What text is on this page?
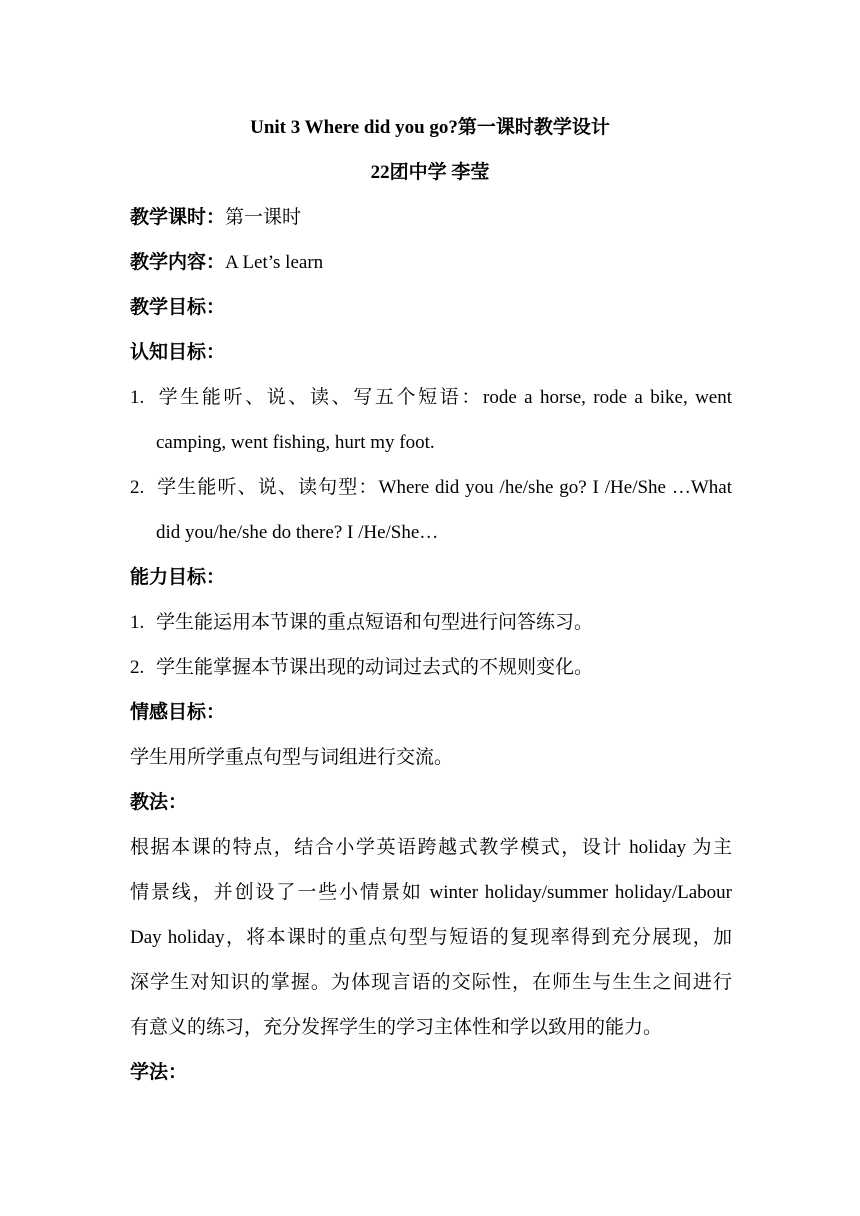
Unit 3 Where did you go?第一课时教学设计
22团中学 李莹
教学课时：第一课时
教学内容：A Let’s learn
教学目标：
认知目标：
1. 学生能听、说、读、写五个短语：rode a horse, rode a bike, went
camping, went fishing, hurt my foot.
2. 学生能听、说、读句型：Where did you /he/she go? I /He/She …What
did you/he/she do there? I /He/She…
能力目标：
1. 学生能运用本节课的重点短语和句型进行问答练习。
2. 学生能掌握本节课出现的动词过去式的不规则变化。
情感目标：
学生用所学重点句型与词组进行交流。
教法：
根据本课的特点，结合小学英语跨越式教学模式，设计 holiday 为主
情景线，并创设了一些小情景如 winter holiday/summer holiday/Labour
Day holiday，将本课时的重点句型与短语的复现率得到充分展现，加
深学生对知识的掌握。为体现言语的交际性，在师生与生生之间进行
有意义的练习，充分发挥学生的学习主体性和学以致用的能力。
学法：
